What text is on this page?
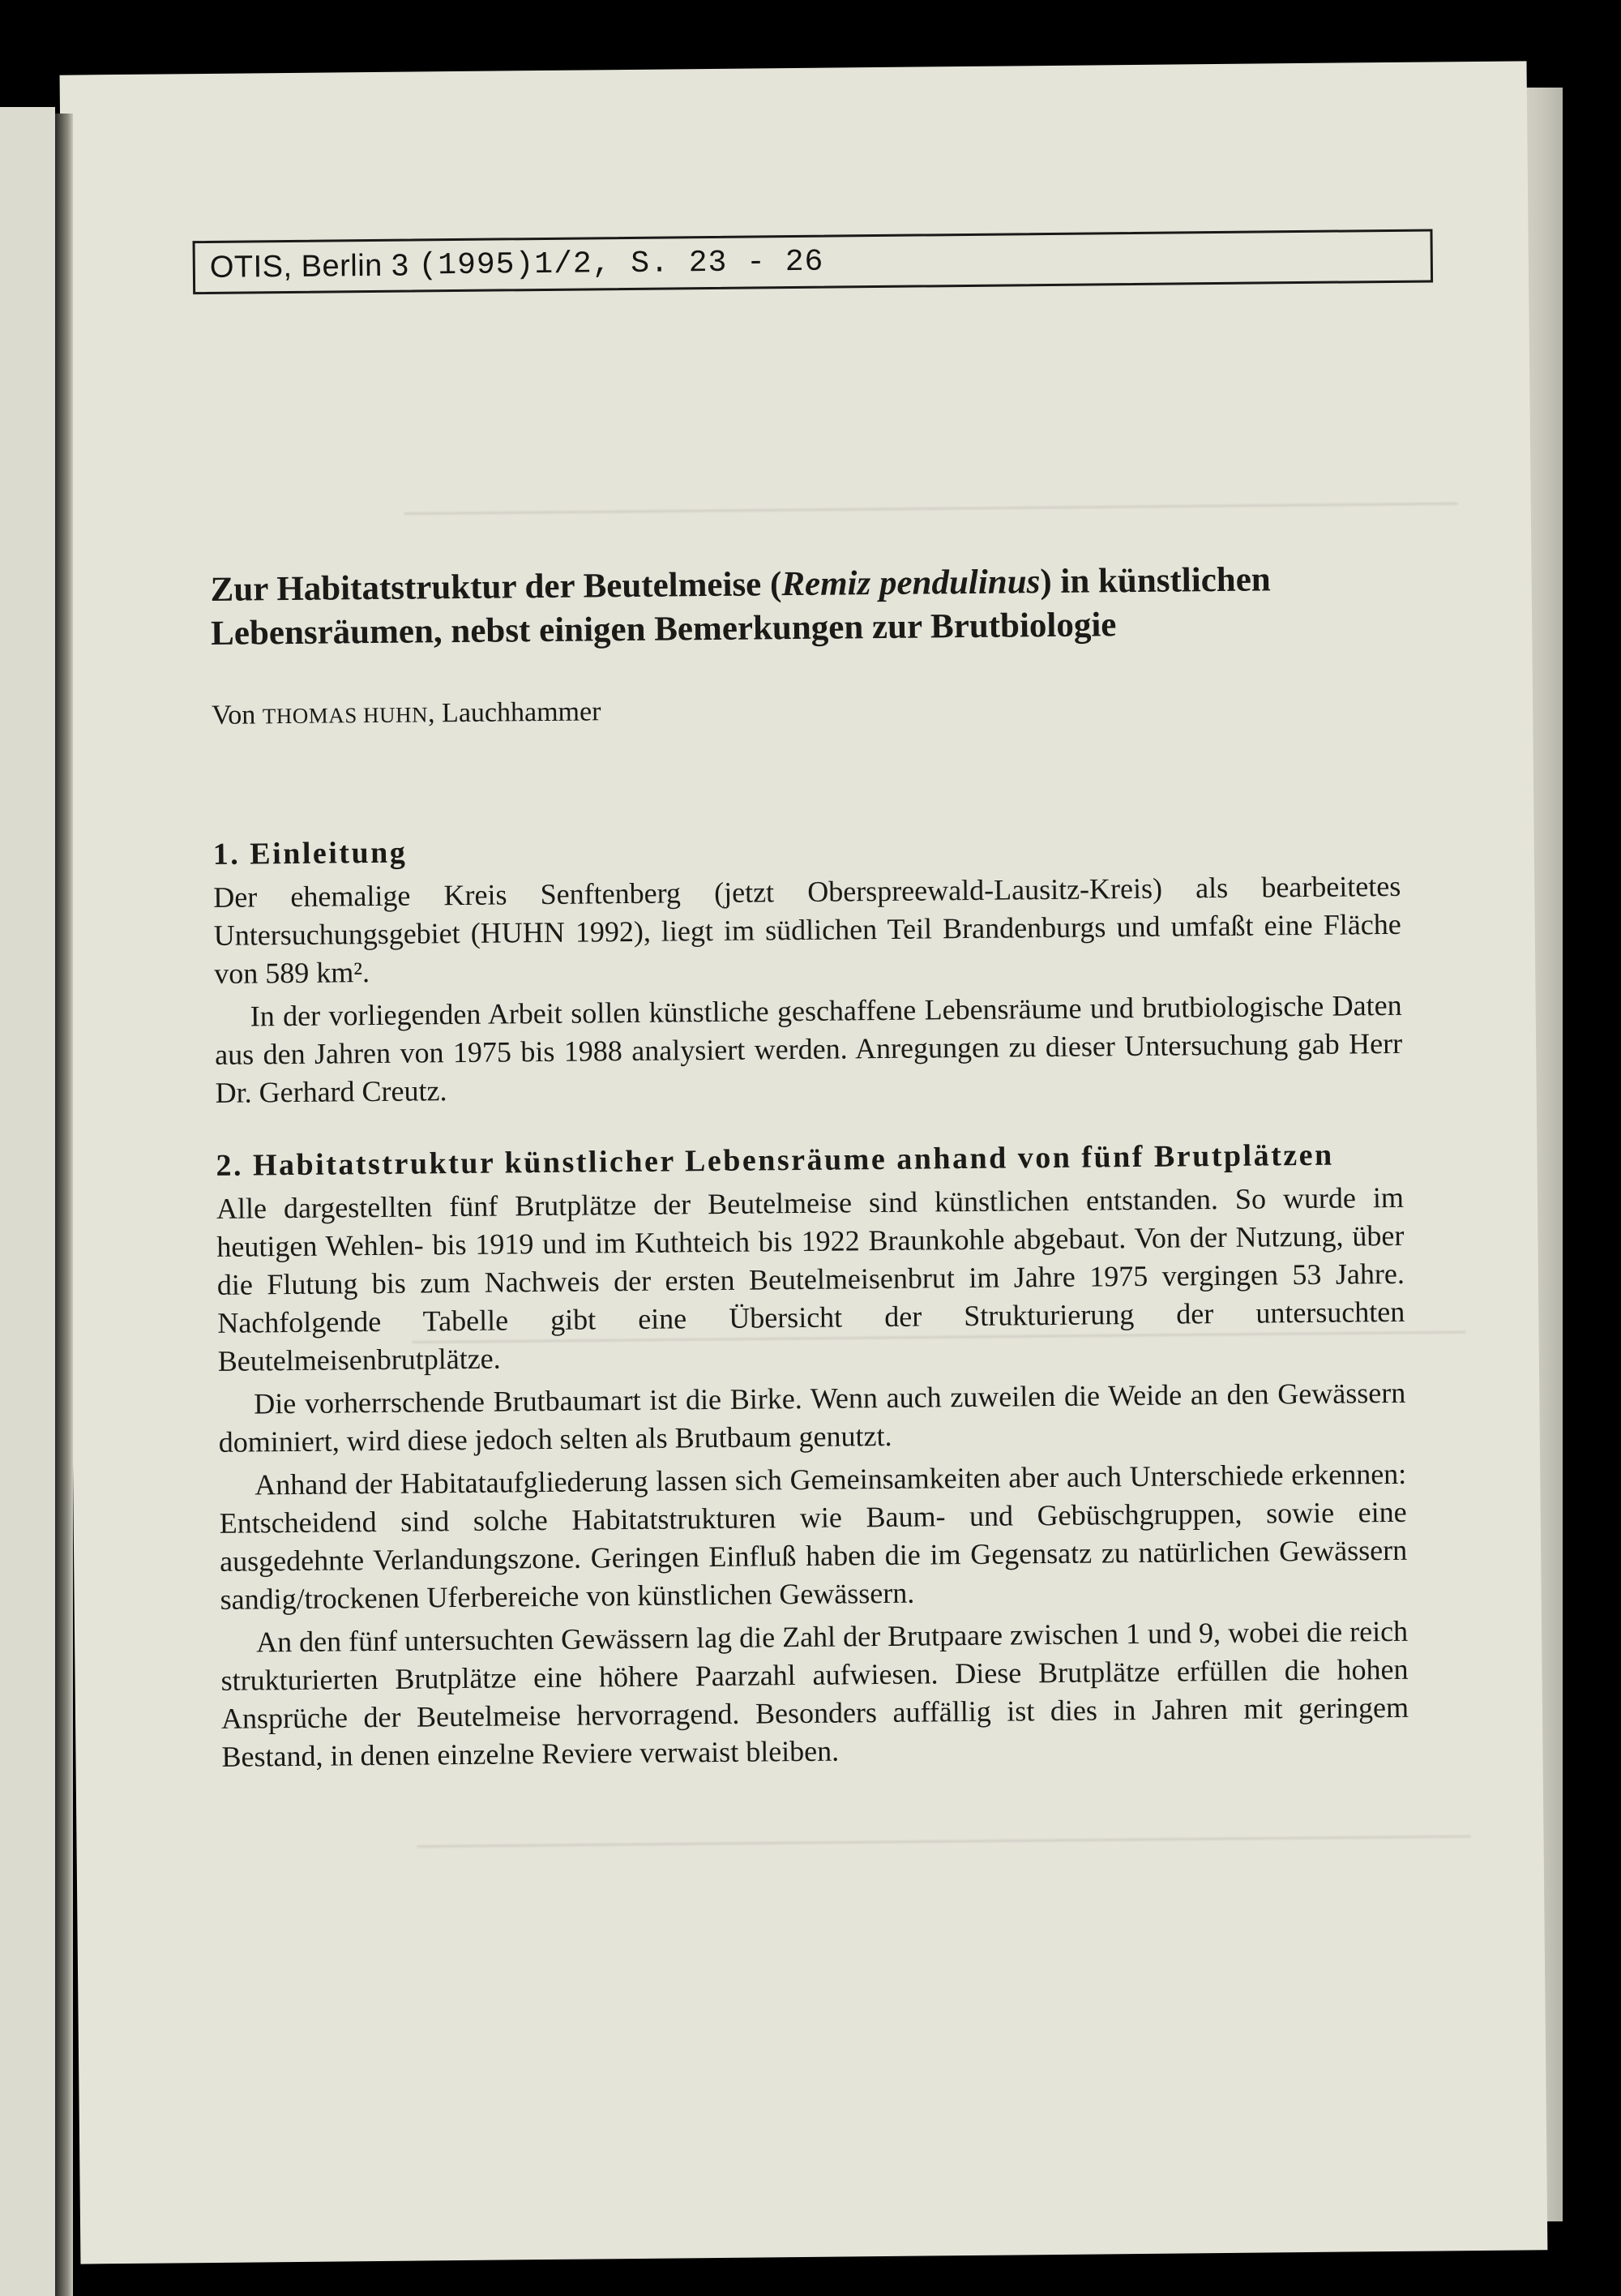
OTIS, Berlin 3 (1995)1/2, S. 23 - 26
Zur Habitatstruktur der Beutelmeise (Remiz pendulinus) in künstlichen Lebensräumen, nebst einigen Bemerkungen zur Brutbiologie
Von THOMAS HUHN, Lauchhammer
1. Einleitung

Der ehemalige Kreis Senftenberg (jetzt Oberspreewald-Lausitz-Kreis) als bearbeitetes Untersuchungsgebiet (HUHN 1992), liegt im südlichen Teil Brandenburgs und umfaßt eine Fläche von 589 km².

In der vorliegenden Arbeit sollen künstliche geschaffene Lebensräume und brutbiologische Daten aus den Jahren von 1975 bis 1988 analysiert werden. Anregungen zu dieser Untersuchung gab Herr Dr. Gerhard Creutz.

2. Habitatstruktur künstlicher Lebensräume anhand von fünf Brutplätzen

Alle dargestellten fünf Brutplätze der Beutelmeise sind künstlichen entstanden. So wurde im heutigen Wehlen- bis 1919 und im Kuthteich bis 1922 Braunkohle abgebaut. Von der Nutzung, über die Flutung bis zum Nachweis der ersten Beutelmeisenbrut im Jahre 1975 vergingen 53 Jahre. Nachfolgende Tabelle gibt eine Übersicht der Strukturierung der untersuchten Beutelmeisenbrutplätze.

Die vorherrschende Brutbaumart ist die Birke. Wenn auch zuweilen die Weide an den Gewässern dominiert, wird diese jedoch selten als Brutbaum genutzt.

Anhand der Habitataufgliederung lassen sich Gemeinsamkeiten aber auch Unterschiede erkennen: Entscheidend sind solche Habitatstrukturen wie Baum- und Gebüschgruppen, sowie eine ausgedehnte Verlandungszone. Geringen Einfluß haben die im Gegensatz zu natürlichen Gewässern sandig/trockenen Uferbereiche von künstlichen Gewässern.

An den fünf untersuchten Gewässern lag die Zahl der Brutpaare zwischen 1 und 9, wobei die reich strukturierten Brutplätze eine höhere Paarzahl aufwiesen. Diese Brutplätze erfüllen die hohen Ansprüche der Beutelmeise hervorragend. Besonders auffällig ist dies in Jahren mit geringem Bestand, in denen einzelne Reviere verwaist bleiben.
